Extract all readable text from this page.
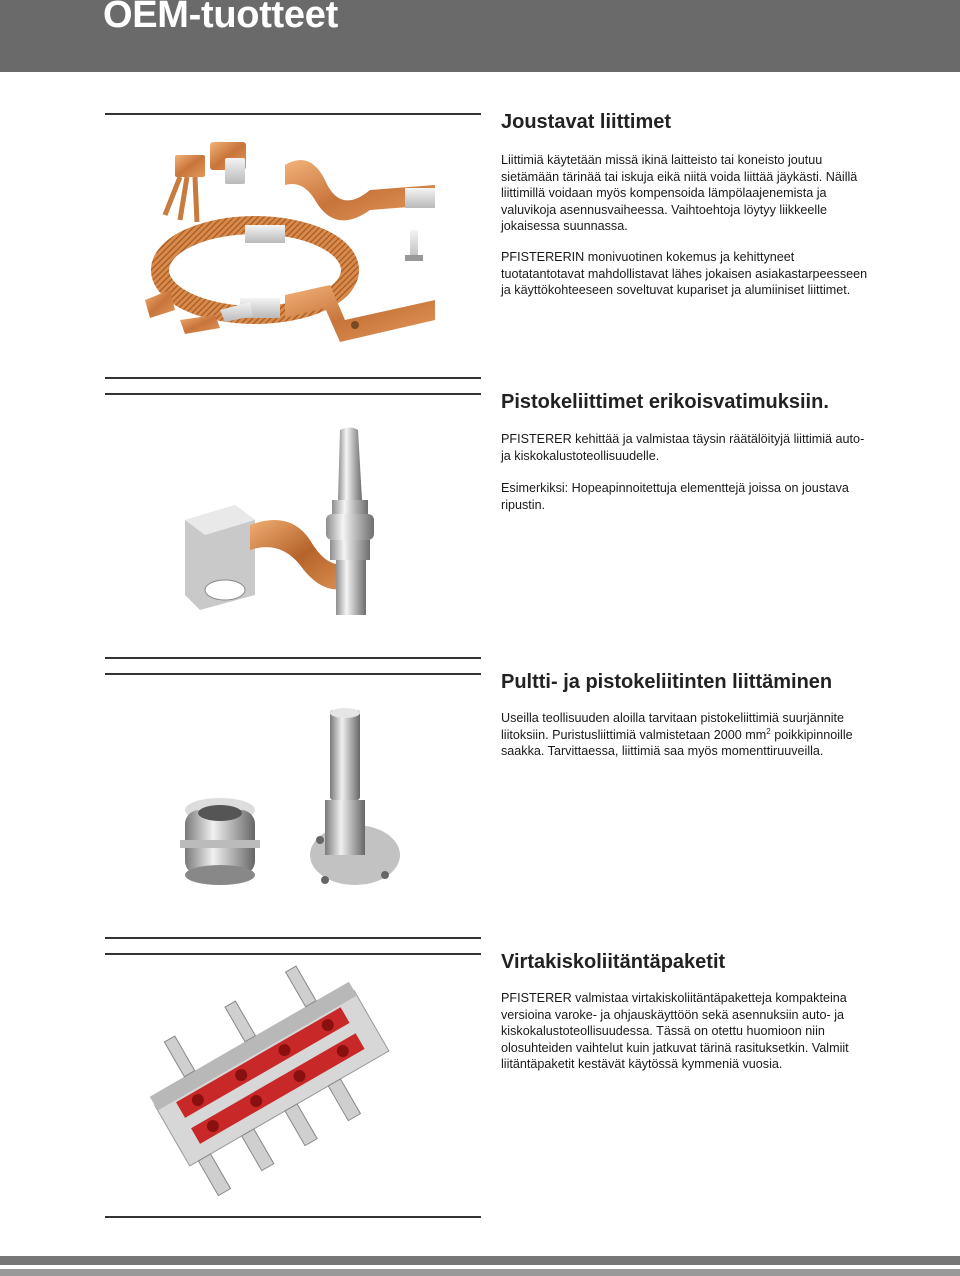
OEM-tuotteet
Joustavat liittimet

Liittimiä käytetään missä ikinä laitteisto tai koneisto joutuu sietämään tärinää tai iskuja eikä niitä voida liittää jäykästi. Näillä liittimillä voidaan myös kompensoida lämpölaajenemista ja valuvikoja asennusvaiheessa. Vaihtoehtoja löytyy liikkeelle jokaisessa suunnassa.

PFISTERERIN monivuotinen kokemus ja kehittyneet tuotatantotavat mahdollistavat lähes jokaisen asiakastarpeesseen ja käyttökohteeseen soveltuvat kupariset ja alumiiniset liittimet.

Pistokeliittimet erikoisvatimuksiin.

PFISTERER kehittää ja valmistaa täysin räätälöityjä liittimiä auto- ja kiskokalustoteollisuudelle.

Esimerkiksi: Hopeapinnoitettuja elementtejä joissa on joustava ripustin.

Pultti- ja pistokeliitinten liittäminen

Useilla teollisuuden aloilla tarvitaan pistokeliittimiä suurjännite liitoksiin. Puristusliittimiä valmistetaan 2000 $mm^2$ poikkipinnoille saakka. Tarvittaessa, liittimiä saa myös momenttiruuveilla.

Virtakiskoliitäntäpaketit

PFISTERER valmistaa virtakiskoliitäntäpaketteja kompakteina versioina varoke- ja ohjauskäyttöön sekä asennuksiin auto- ja kiskokalustoteollisuudessa. Tässä on otettu huomioon niin olosuhteiden vaihtelut kuin jatkuvat tärinä rasituksetkin. Valmiit liitäntäpaketit kestävät käytössä kymmeniä vuosia.
